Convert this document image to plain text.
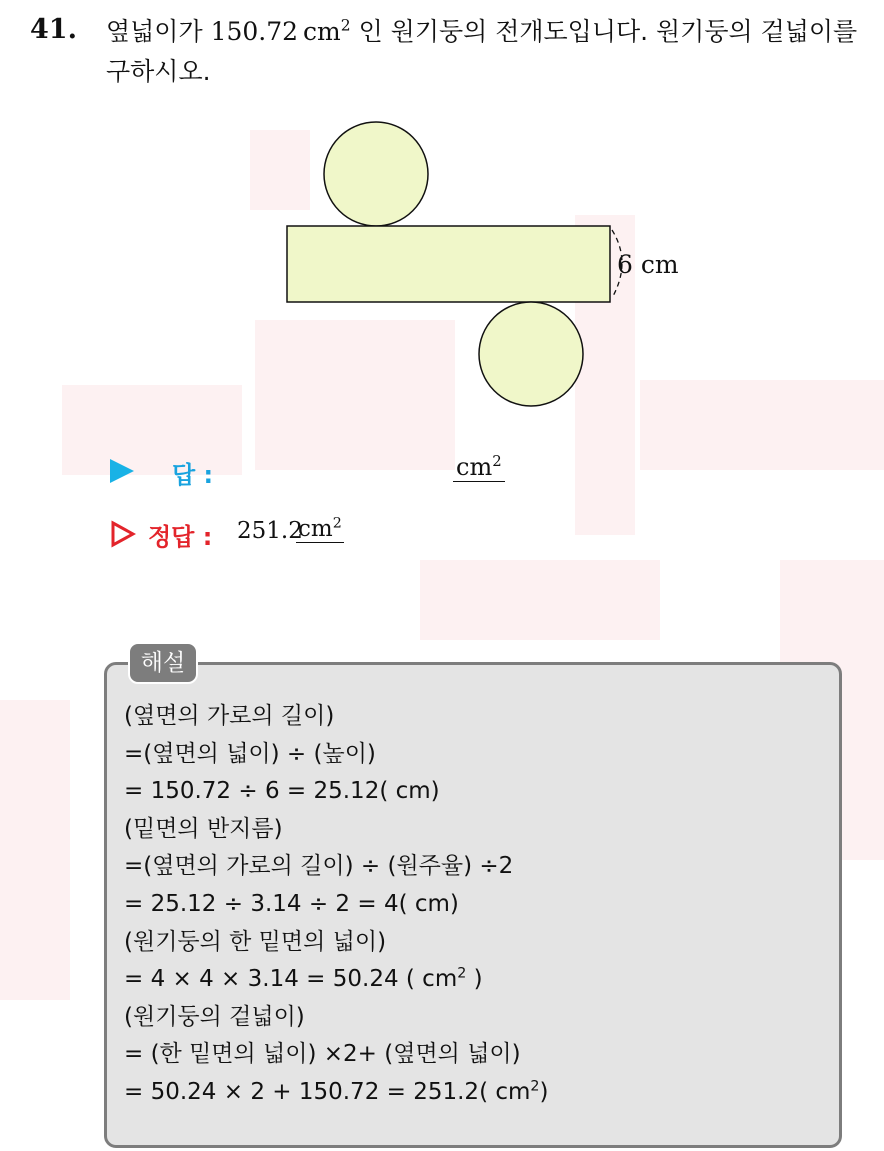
41. 옆넓이가 150.72  $cm^2$ 인 원기둥의 전개도입니다. 원기둥의 겉넓이를
구하시오.
6 cm
답 :	$cm^2$
정답 : 251.2
$cm^2$
해설
(옆면의 가로의 길이)
=(옆면의 넓이) ÷ (높이)
= 150.72 ÷ 6 = 25.12( cm)
(밑면의 반지름)
=(옆면의 가로의 길이) ÷ (원주율) ÷2
= 25.12 ÷ 3.14 ÷ 2 = 4( cm)
(원기둥의 한 밑면의 넓이)
= 4 × 4 × 3.14 = 50.24 ( $cm^2$ )
(원기둥의 겉넓이)
= (한 밑면의 넓이) ×2+ (옆면의 넓이)
= 50.24 × 2 + 150.72 = 251.2( $cm^2$)
